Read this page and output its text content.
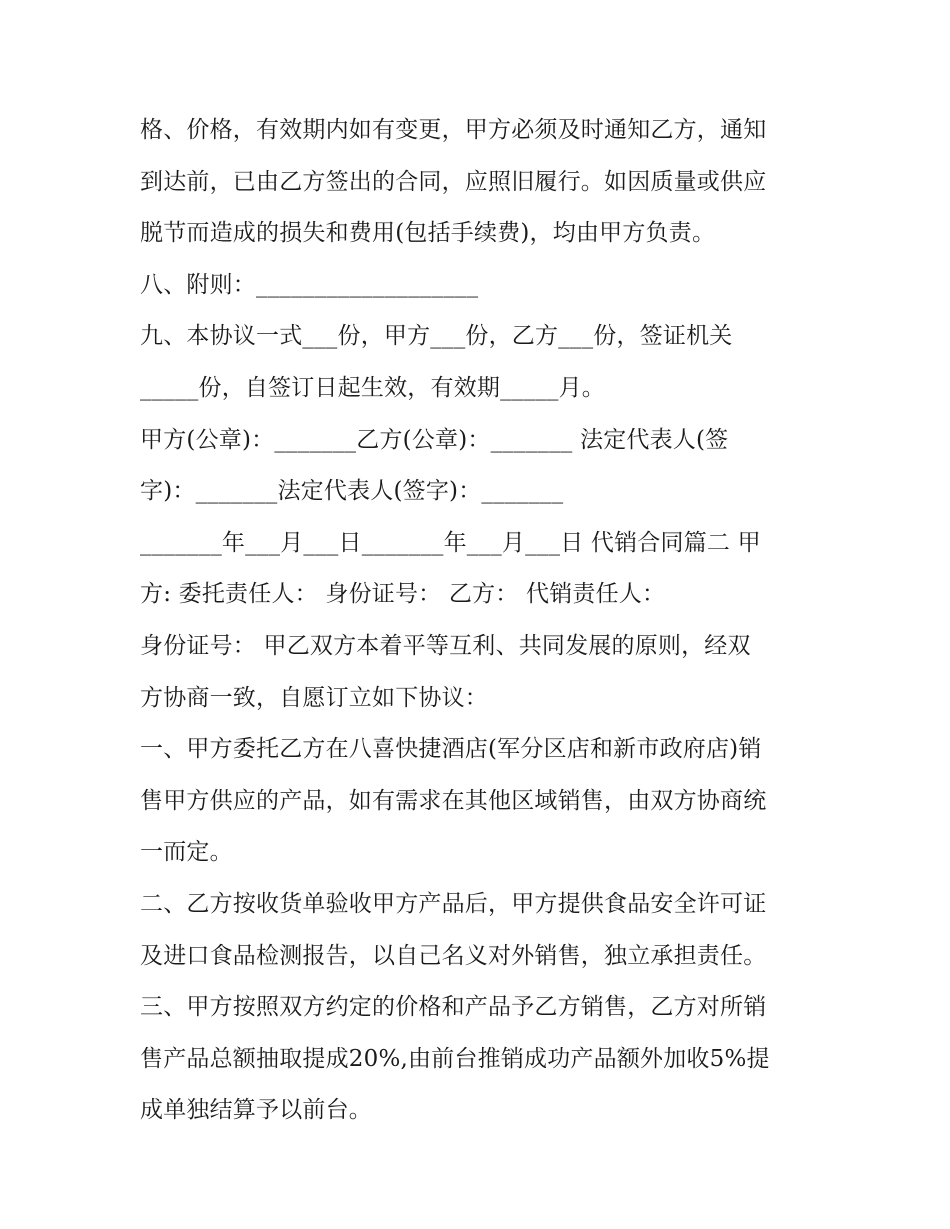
格、价格，有效期内如有变更，甲方必须及时通知乙方，通知
到达前，已由乙方签出的合同，应照旧履行。如因质量或供应
脱节而造成的损失和费用(包括手续费)，均由甲方负责。
八、附则：___________________
九、本协议一式___份，甲方___份，乙方___份，签证机关
_____份，自签订日起生效，有效期_____月。
甲方(公章)：_______乙方(公章)：_______ 法定代表人(签
字)：_______法定代表人(签字)：_______
_______年___月___日_______年___月___日 代销合同篇二 甲
方: 委托责任人： 身份证号： 乙方： 代销责任人：
身份证号： 甲乙双方本着平等互利、共同发展的原则，经双
方协商一致，自愿订立如下协议：
一、甲方委托乙方在八喜快捷酒店(军分区店和新市政府店)销
售甲方供应的产品，如有需求在其他区域销售，由双方协商统
一而定。
二、乙方按收货单验收甲方产品后，甲方提供食品安全许可证
及进口食品检测报告，以自己名义对外销售，独立承担责任。
三、甲方按照双方约定的价格和产品予乙方销售，乙方对所销
售产品总额抽取提成20%,由前台推销成功产品额外加收5%提
成单独结算予以前台。
